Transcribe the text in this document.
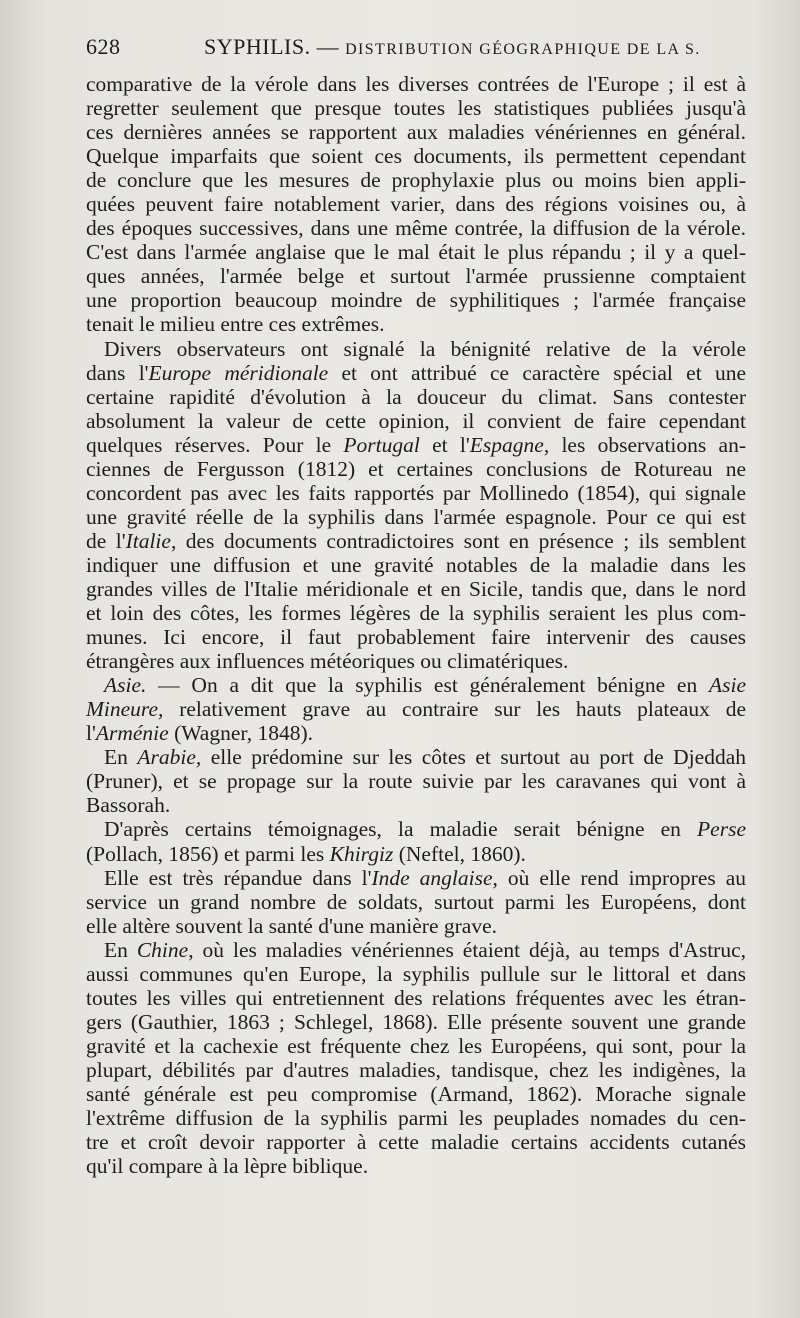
628	SYPHILIS. — DISTRIBUTION GÉOGRAPHIQUE DE LA S.
comparative de la vérole dans les diverses contrées de l'Europe ; il est à
regretter seulement que presque toutes les statistiques publiées jusqu'à
ces dernières années se rapportent aux maladies vénériennes en général.
Quelque imparfaits que soient ces documents, ils permettent cependant
de conclure que les mesures de prophylaxie plus ou moins bien appli-
quées peuvent faire notablement varier, dans des régions voisines ou, à
des époques successives, dans une même contrée, la diffusion de la vérole.
C'est dans l'armée anglaise que le mal était le plus répandu ; il y a quel-
ques années, l'armée belge et surtout l'armée prussienne comptaient
une proportion beaucoup moindre de syphilitiques ; l'armée française
tenait le milieu entre ces extrêmes.
Divers observateurs ont signalé la bénignité relative de la vérole
dans l'Europe méridionale et ont attribué ce caractère spécial et une
certaine rapidité d'évolution à la douceur du climat. Sans contester
absolument la valeur de cette opinion, il convient de faire cependant
quelques réserves. Pour le Portugal et l'Espagne, les observations an-
ciennes de Fergusson (1812) et certaines conclusions de Rotureau ne
concordent pas avec les faits rapportés par Mollinedo (1854), qui signale
une gravité réelle de la syphilis dans l'armée espagnole. Pour ce qui est
de l'Italie, des documents contradictoires sont en présence ; ils semblent
indiquer une diffusion et une gravité notables de la maladie dans les
grandes villes de l'Italie méridionale et en Sicile, tandis que, dans le nord
et loin des côtes, les formes légères de la syphilis seraient les plus com-
munes. Ici encore, il faut probablement faire intervenir des causes
étrangères aux influences météoriques ou climatériques.
Asie. — On a dit que la syphilis est généralement bénigne en Asie
Mineure, relativement grave au contraire sur les hauts plateaux de
l'Arménie (Wagner, 1848).
En Arabie, elle prédomine sur les côtes et surtout au port de Djeddah
(Pruner), et se propage sur la route suivie par les caravanes qui vont à
Bassorah.
D'après certains témoignages, la maladie serait bénigne en Perse
(Pollach, 1856) et parmi les Khirgiz (Neftel, 1860).
Elle est très répandue dans l'Inde anglaise, où elle rend impropres au
service un grand nombre de soldats, surtout parmi les Européens, dont
elle altère souvent la santé d'une manière grave.
En Chine, où les maladies vénériennes étaient déjà, au temps d'Astruc,
aussi communes qu'en Europe, la syphilis pullule sur le littoral et dans
toutes les villes qui entretiennent des relations fréquentes avec les étran-
gers (Gauthier, 1863 ; Schlegel, 1868). Elle présente souvent une grande
gravité et la cachexie est fréquente chez les Européens, qui sont, pour la
plupart, débilités par d'autres maladies, tandisque, chez les indigènes, la
santé générale est peu compromise (Armand, 1862). Morache signale
l'extrême diffusion de la syphilis parmi les peuplades nomades du cen-
tre et croît devoir rapporter à cette maladie certains accidents cutanés
qu'il compare à la lèpre biblique.
